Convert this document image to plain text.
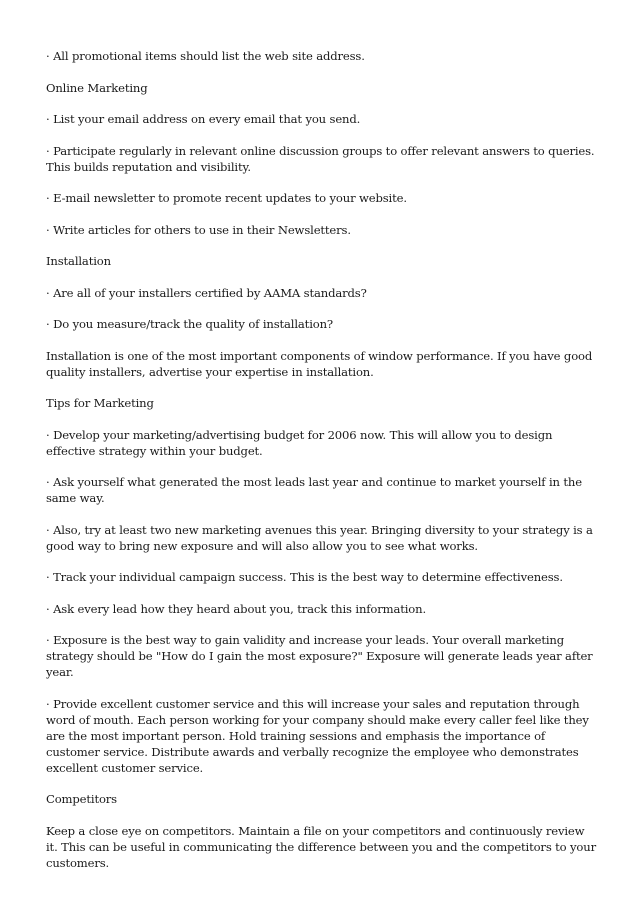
· All promotional items should list the web site address.

Online Marketing

· List your email address on every email that you send.

· Participate regularly in relevant online discussion groups to offer relevant answers to queries. This builds reputation and visibility.

· E-mail newsletter to promote recent updates to your website.

· Write articles for others to use in their Newsletters.

Installation

· Are all of your installers certified by AAMA standards?

· Do you measure/track the quality of installation?

Installation is one of the most important components of window performance. If you have good quality installers, advertise your expertise in installation.

Tips for Marketing

· Develop your marketing/advertising budget for 2006 now. This will allow you to design effective strategy within your budget.

· Ask yourself what generated the most leads last year and continue to market yourself in the same way.

· Also, try at least two new marketing avenues this year. Bringing diversity to your strategy is a good way to bring new exposure and will also allow you to see what works.

· Track your individual campaign success. This is the best way to determine effectiveness.

· Ask every lead how they heard about you, track this information.

· Exposure is the best way to gain validity and increase your leads. Your overall marketing strategy should be "How do I gain the most exposure?" Exposure will generate leads year after year.

· Provide excellent customer service and this will increase your sales and reputation through word of mouth. Each person working for your company should make every caller feel like they are the most important person. Hold training sessions and emphasis the importance of customer service. Distribute awards and verbally recognize the employee who demonstrates excellent customer service.

Competitors

Keep a close eye on competitors. Maintain a file on your competitors and continuously review it. This can be useful in communicating the difference between you and the competitors to your customers.
